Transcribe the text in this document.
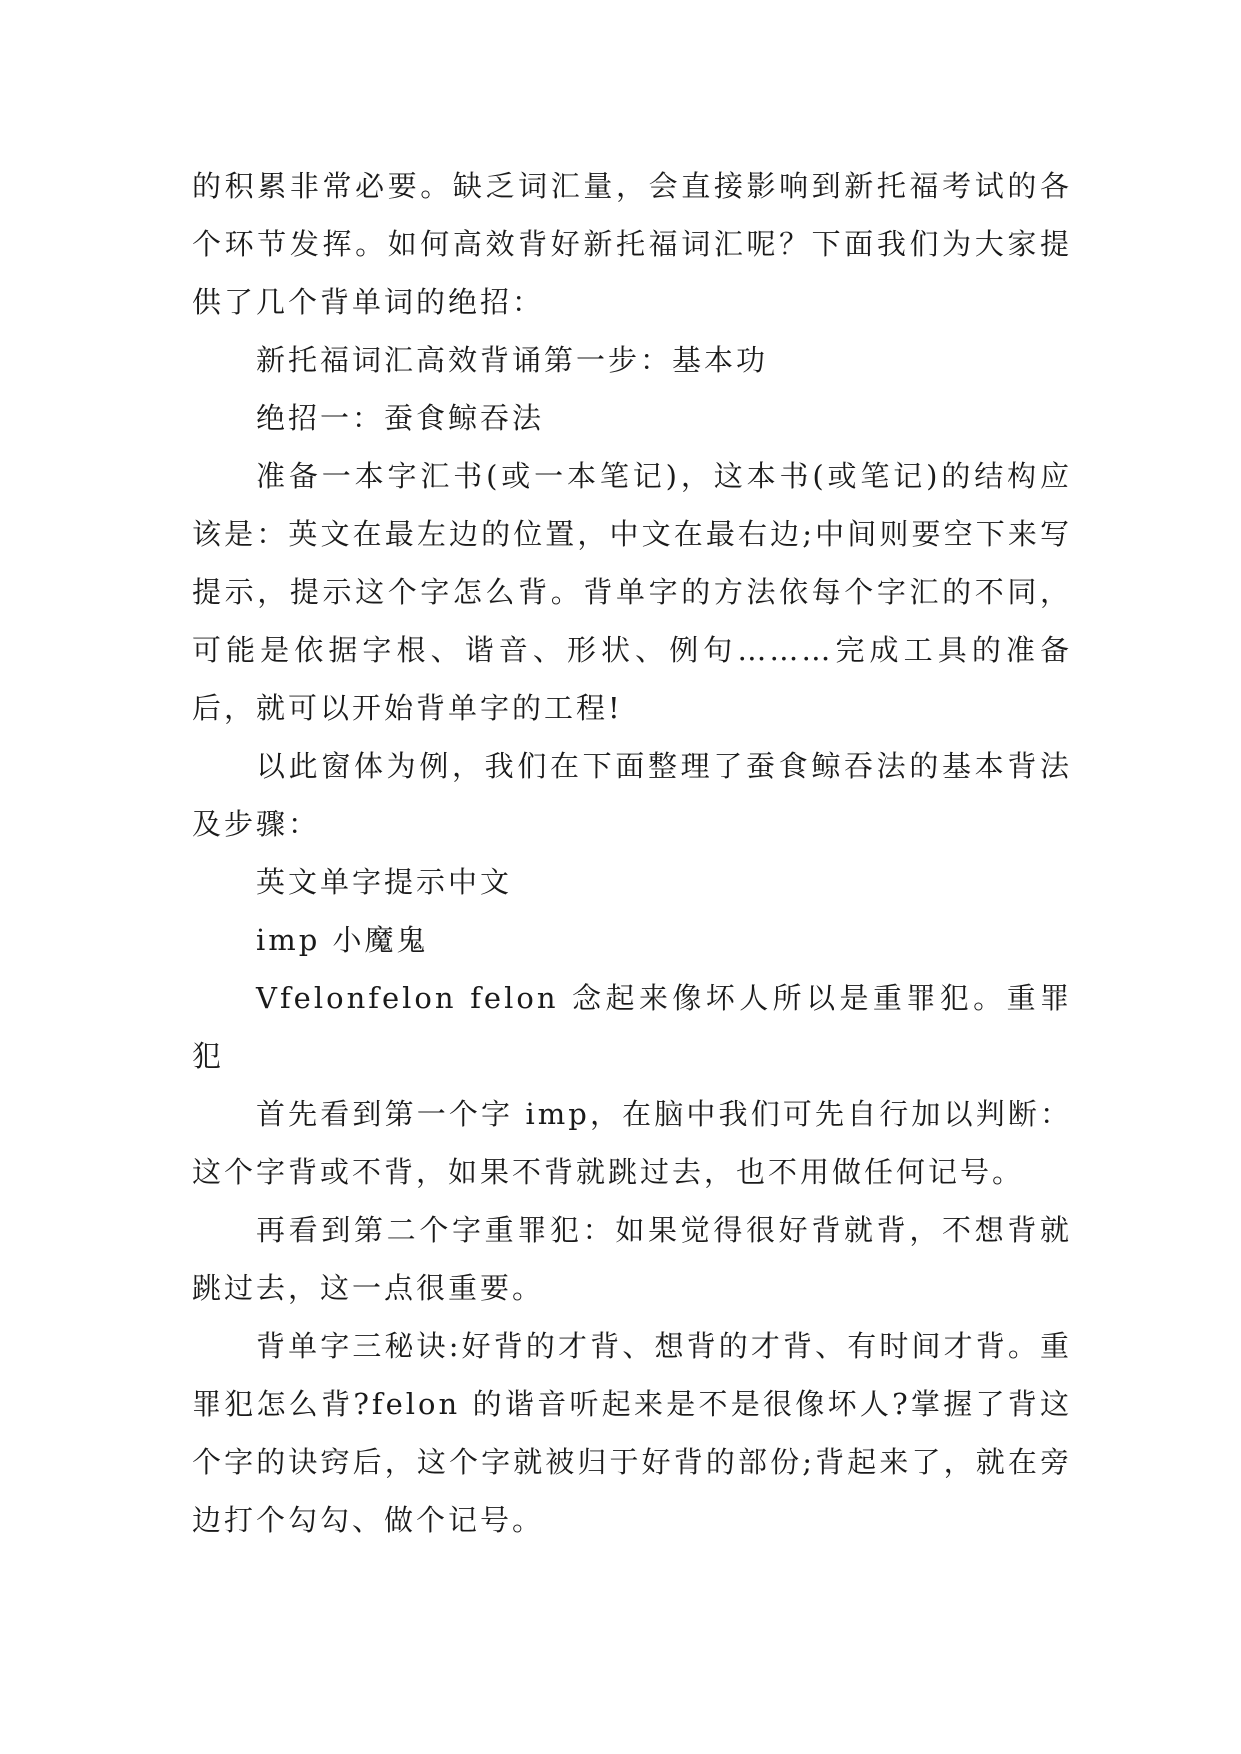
的积累非常必要。缺乏词汇量，会直接影响到新托福考试的各个环节发挥。如何高效背好新托福词汇呢？下面我们为大家提供了几个背单词的绝招：

新托福词汇高效背诵第一步：基本功

绝招一：蚕食鲸吞法

准备一本字汇书(或一本笔记)，这本书(或笔记)的结构应该是：英文在最左边的位置，中文在最右边;中间则要空下来写提示，提示这个字怎么背。背单字的方法依每个字汇的不同，可能是依据字根、谐音、形状、例句………完成工具的准备后，就可以开始背单字的工程!

以此窗体为例，我们在下面整理了蚕食鲸吞法的基本背法及步骤：

英文单字提示中文

imp 小魔鬼

Vfelonfelon felon 念起来像坏人所以是重罪犯。重罪犯

首先看到第一个字 imp，在脑中我们可先自行加以判断：这个字背或不背，如果不背就跳过去，也不用做任何记号。

再看到第二个字重罪犯：如果觉得很好背就背，不想背就跳过去，这一点很重要。

背单字三秘诀:好背的才背、想背的才背、有时间才背。重罪犯怎么背?felon 的谐音听起来是不是很像坏人?掌握了背这个字的诀窍后，这个字就被归于好背的部份;背起来了，就在旁边打个勾勾、做个记号。
